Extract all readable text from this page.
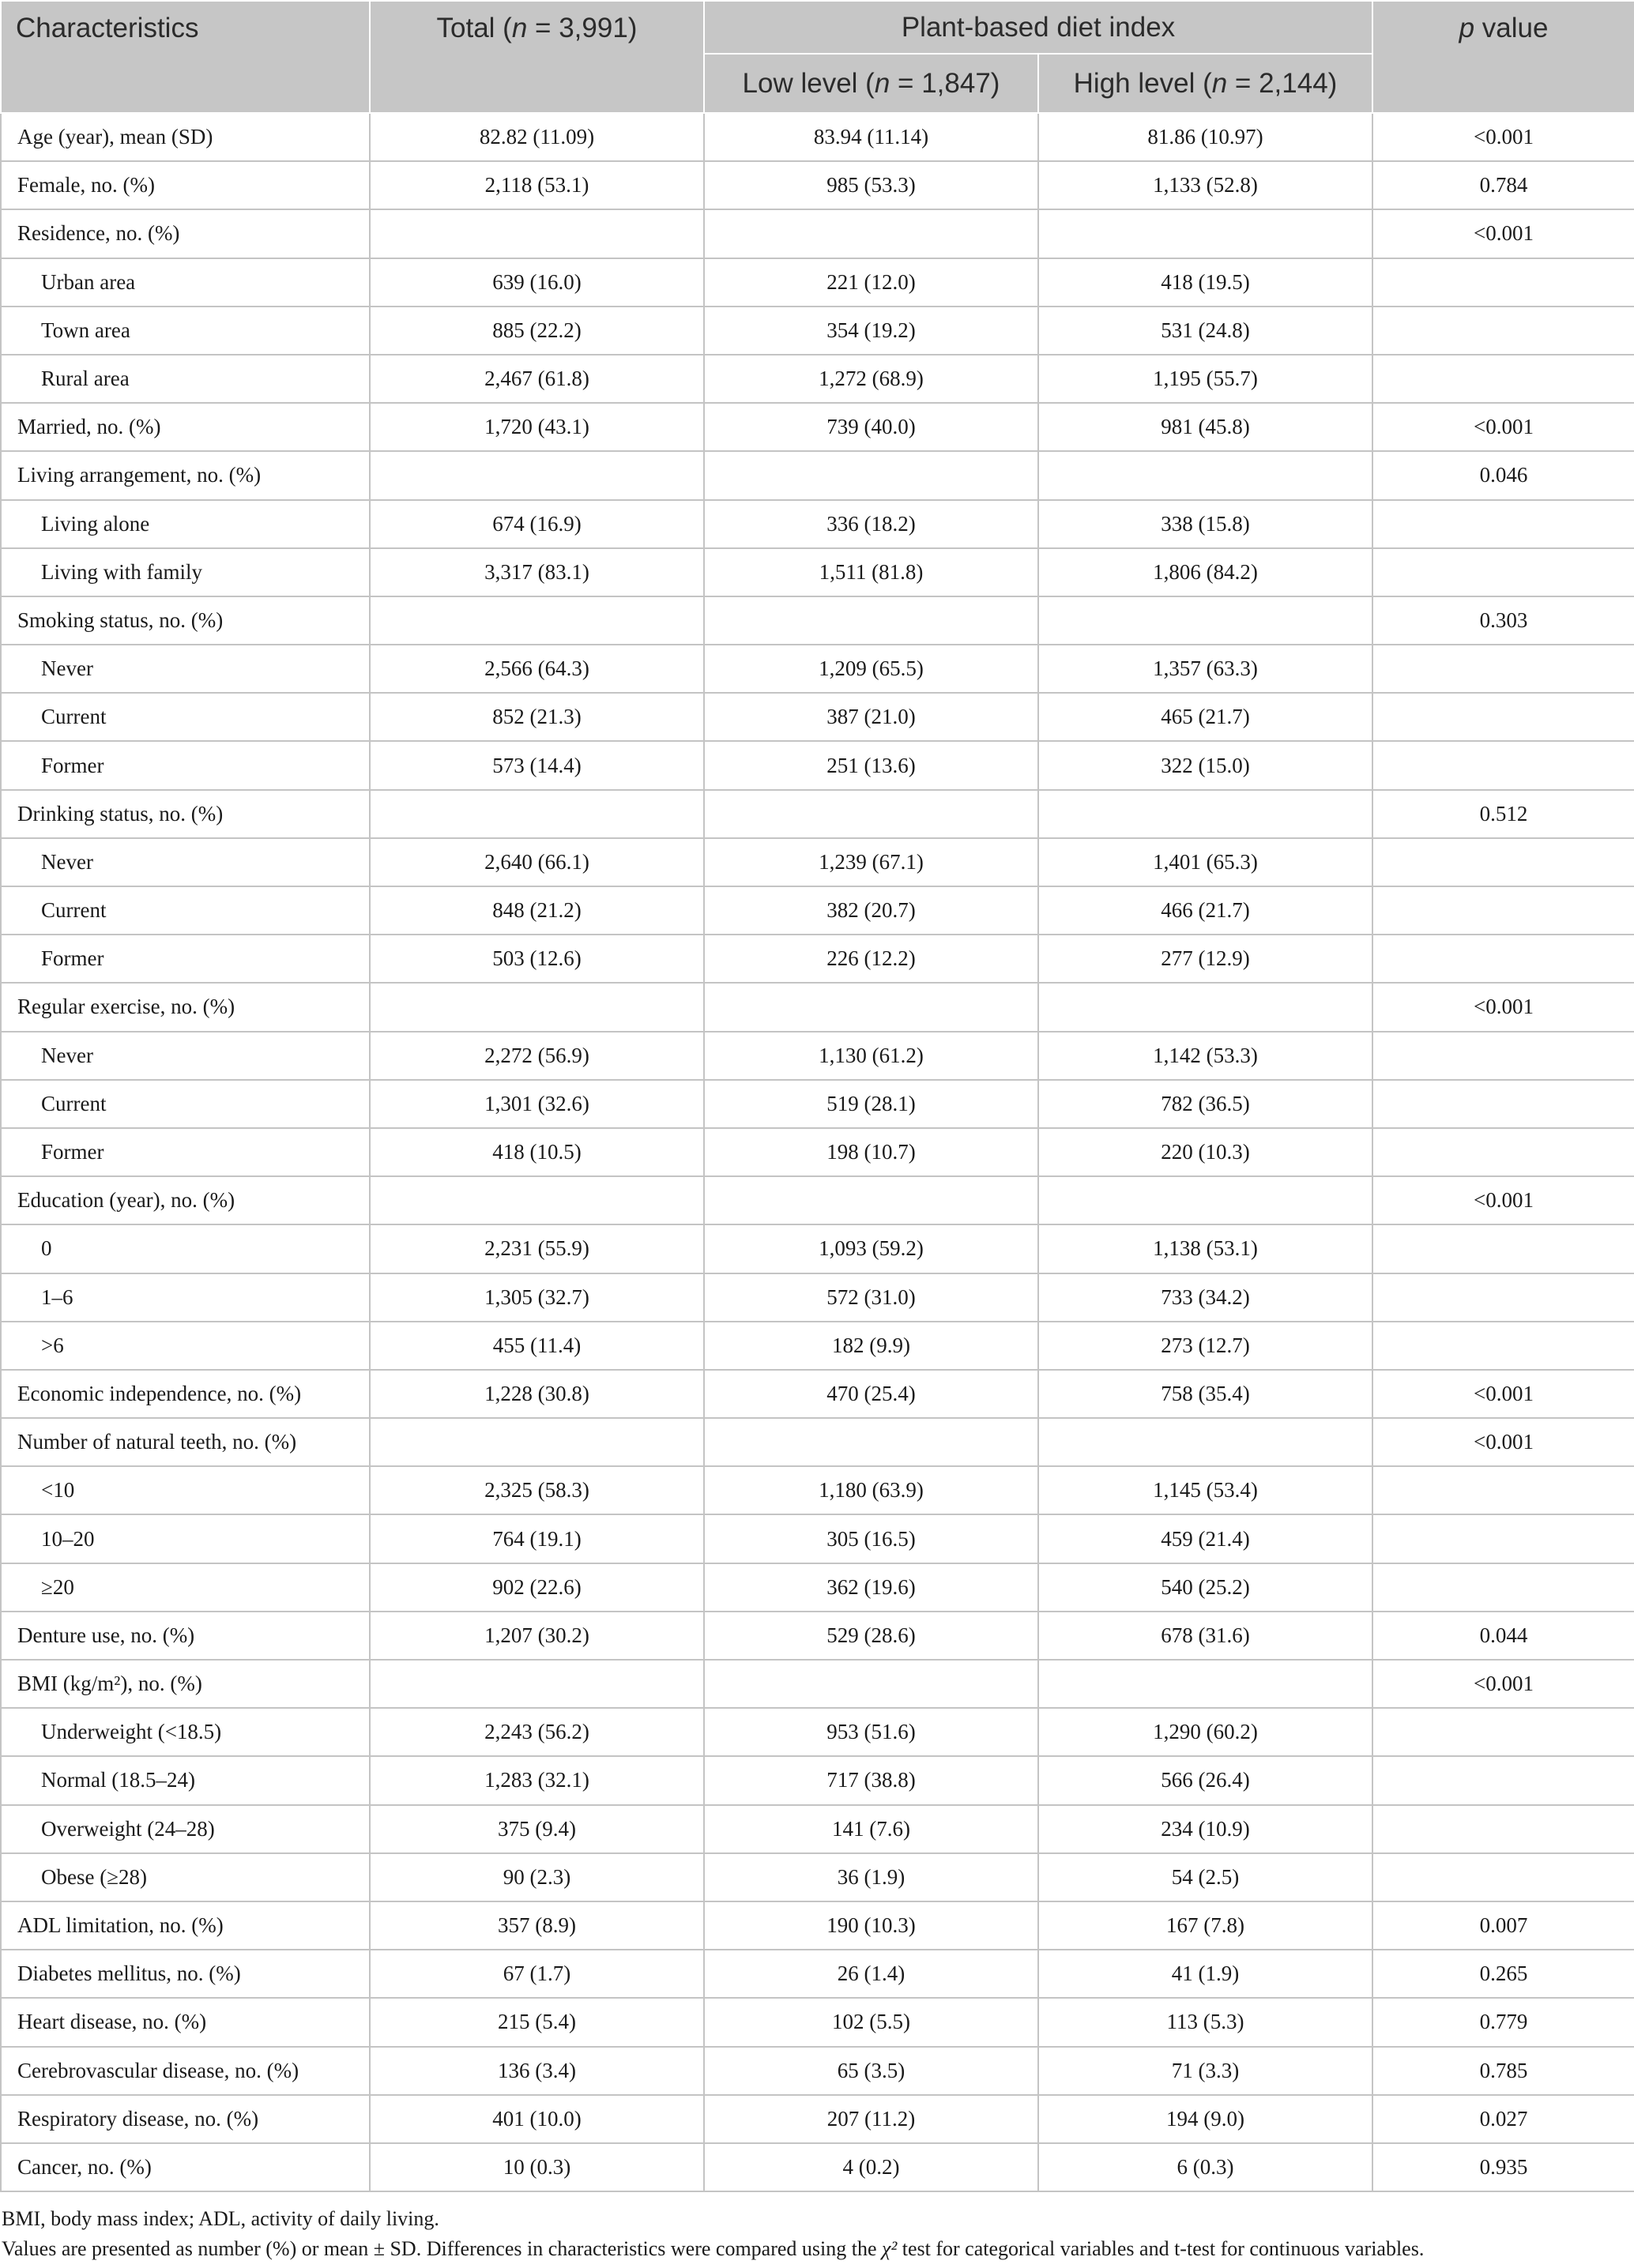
Characteristics	Total (n = 3,991)	Plant-based diet index		p value
		Low level (n = 1,847)	High level (n = 2,144)	
Age (year), mean (SD)	82.82 (11.09)	83.94 (11.14)	81.86 (10.97)	<0.001
Female, no. (%)	2,118 (53.1)	985 (53.3)	1,133 (52.8)	0.784
Residence, no. (%)				<0.001
Urban area	639 (16.0)	221 (12.0)	418 (19.5)	
Town area	885 (22.2)	354 (19.2)	531 (24.8)	
Rural area	2,467 (61.8)	1,272 (68.9)	1,195 (55.7)	
Married, no. (%)	1,720 (43.1)	739 (40.0)	981 (45.8)	<0.001
Living arrangement, no. (%)				0.046
Living alone	674 (16.9)	336 (18.2)	338 (15.8)	
Living with family	3,317 (83.1)	1,511 (81.8)	1,806 (84.2)	
Smoking status, no. (%)				0.303
Never	2,566 (64.3)	1,209 (65.5)	1,357 (63.3)	
Current	852 (21.3)	387 (21.0)	465 (21.7)	
Former	573 (14.4)	251 (13.6)	322 (15.0)	
Drinking status, no. (%)				0.512
Never	2,640 (66.1)	1,239 (67.1)	1,401 (65.3)	
Current	848 (21.2)	382 (20.7)	466 (21.7)	
Former	503 (12.6)	226 (12.2)	277 (12.9)	
Regular exercise, no. (%)				<0.001
Never	2,272 (56.9)	1,130 (61.2)	1,142 (53.3)	
Current	1,301 (32.6)	519 (28.1)	782 (36.5)	
Former	418 (10.5)	198 (10.7)	220 (10.3)	
Education (year), no. (%)				<0.001
0	2,231 (55.9)	1,093 (59.2)	1,138 (53.1)	
1–6	1,305 (32.7)	572 (31.0)	733 (34.2)	
>6	455 (11.4)	182 (9.9)	273 (12.7)	
Economic independence, no. (%)	1,228 (30.8)	470 (25.4)	758 (35.4)	<0.001
Number of natural teeth, no. (%)				<0.001
<10	2,325 (58.3)	1,180 (63.9)	1,145 (53.4)	
10–20	764 (19.1)	305 (16.5)	459 (21.4)	
≥20	902 (22.6)	362 (19.6)	540 (25.2)	
Denture use, no. (%)	1,207 (30.2)	529 (28.6)	678 (31.6)	0.044
BMI (kg/m²), no. (%)				<0.001
Underweight (<18.5)	2,243 (56.2)	953 (51.6)	1,290 (60.2)	
Normal (18.5–24)	1,283 (32.1)	717 (38.8)	566 (26.4)	
Overweight (24–28)	375 (9.4)	141 (7.6)	234 (10.9)	
Obese (≥28)	90 (2.3)	36 (1.9)	54 (2.5)	
ADL limitation, no. (%)	357 (8.9)	190 (10.3)	167 (7.8)	0.007
Diabetes mellitus, no. (%)	67 (1.7)	26 (1.4)	41 (1.9)	0.265
Heart disease, no. (%)	215 (5.4)	102 (5.5)	113 (5.3)	0.779
Cerebrovascular disease, no. (%)	136 (3.4)	65 (3.5)	71 (3.3)	0.785
Respiratory disease, no. (%)	401 (10.0)	207 (11.2)	194 (9.0)	0.027
Cancer, no. (%)	10 (0.3)	4 (0.2)	6 (0.3)	0.935

BMI, body mass index; ADL, activity of daily living.

Values are presented as number (%) or mean ± SD. Differences in characteristics were compared using the χ² test for categorical variables and t-test for continuous variables.
